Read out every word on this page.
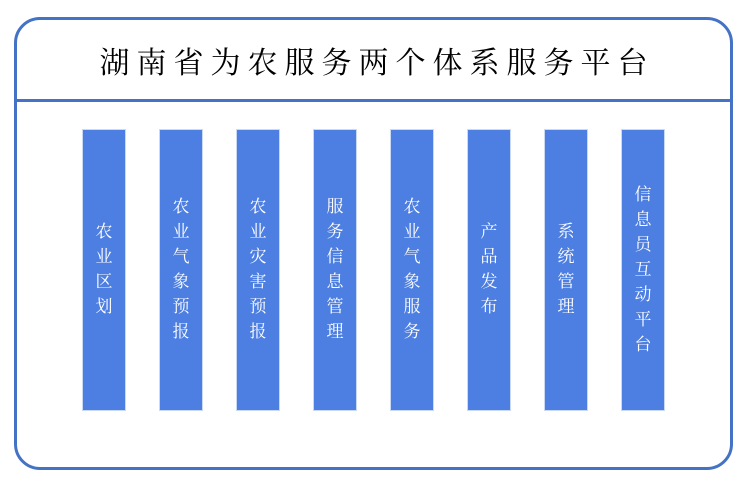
湖南省为农服务两个体系服务平台
农
业
区
划
农
业
气
象
预
报
农
业
灾
害
预
报
服
务
信
息
管
理
农
业
气
象
服
务
产
品
发
布
系
统
管
理
信
息
员
互
动
平
台
